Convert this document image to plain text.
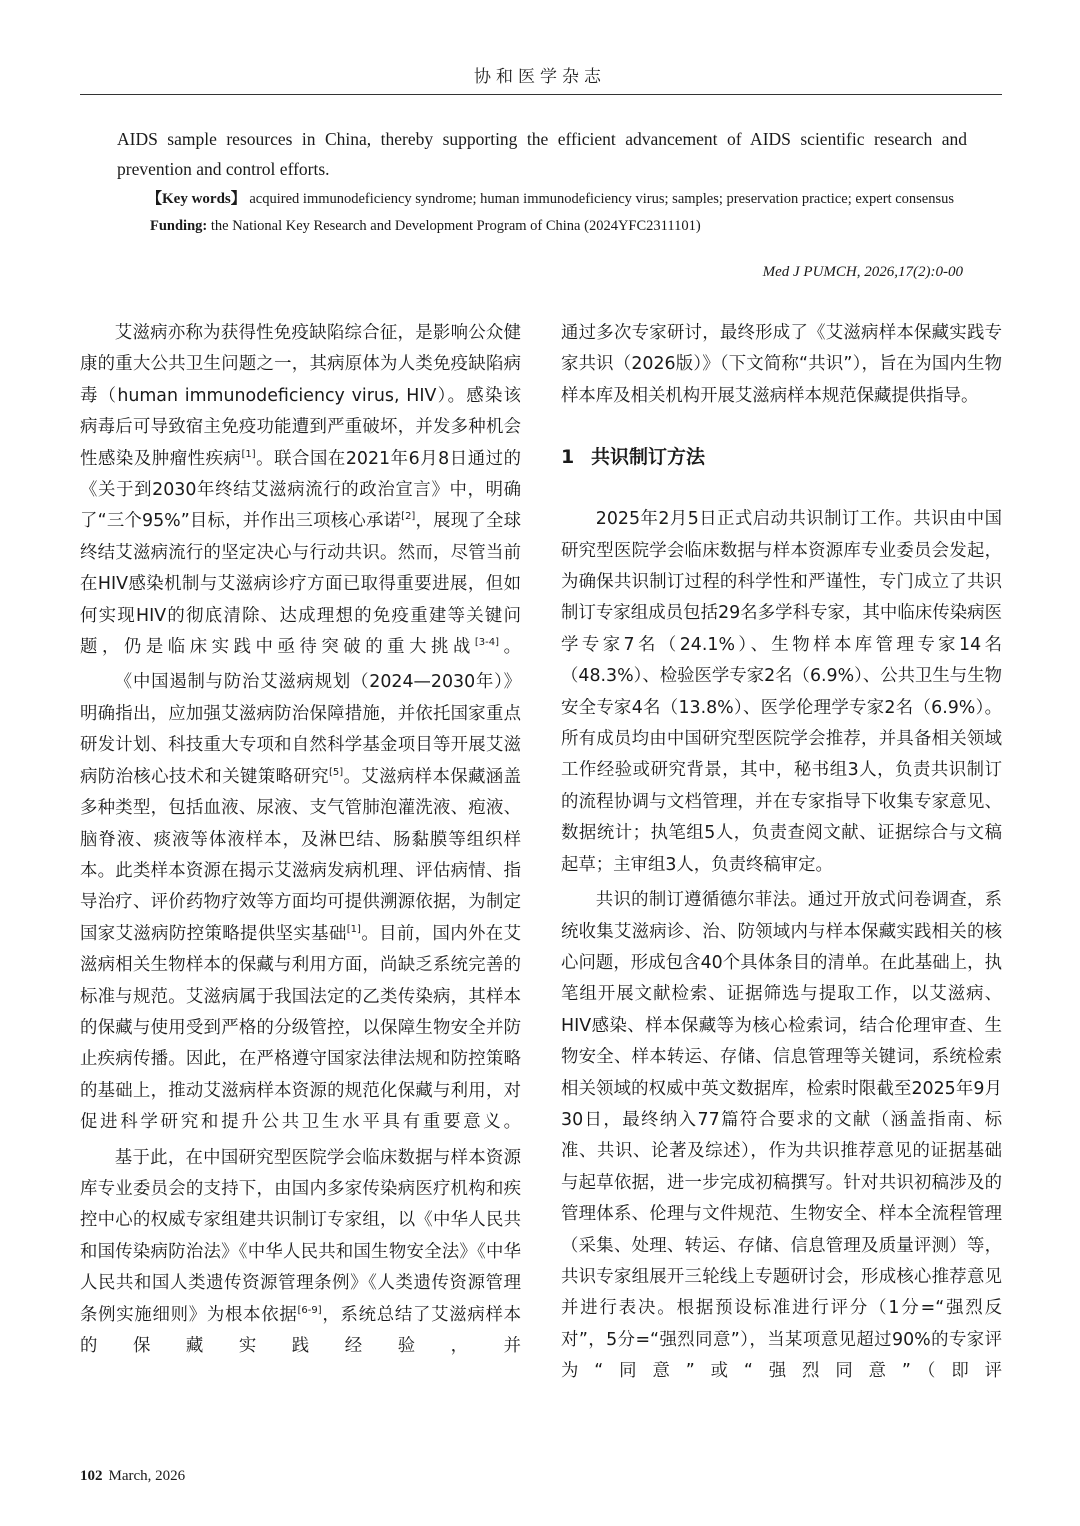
协和医学杂志

AIDS sample resources in China, thereby supporting the efficient advancement of AIDS scientific research and prevention and control efforts.

【Key words】 acquired immunodeficiency syndrome; human immunodeficiency virus; samples; preservation practice; expert consensus

Funding: the National Key Research and Development Program of China (2024YFC2311101)

Med J PUMCH, 2026,17(2):0-00

艾滋病亦称为获得性免疫缺陷综合征，是影响公众健康的重大公共卫生问题之一，其病原体为人类免疫缺陷病毒（human immunodeficiency virus, HIV）。感染该病毒后可导致宿主免疫功能遭到严重破坏，并发多种机会性感染及肿瘤性疾病[1]。联合国在2021年6月8日通过的《关于到2030年终结艾滋病流行的政治宣言》中，明确了“三个95%”目标，并作出三项核心承诺[2]，展现了全球终结艾滋病流行的坚定决心与行动共识。然而，尽管当前在HIV感染机制与艾滋病诊疗方面已取得重要进展，但如何实现HIV的彻底清除、达成理想的免疫重建等关键问题，仍是临床实践中亟待突破的重大挑战[3-4]。

《中国遏制与防治艾滋病规划（2024—2030年）》明确指出，应加强艾滋病防治保障措施，并依托国家重点研发计划、科技重大专项和自然科学基金项目等开展艾滋病防治核心技术和关键策略研究[5]。艾滋病样本保藏涵盖多种类型，包括血液、尿液、支气管肺泡灌洗液、疱液、脑脊液、痰液等体液样本，及淋巴结、肠黏膜等组织样本。此类样本资源在揭示艾滋病发病机理、评估病情、指导治疗、评价药物疗效等方面均可提供溯源依据，为制定国家艾滋病防控策略提供坚实基础[1]。目前，国内外在艾滋病相关生物样本的保藏与利用方面，尚缺乏系统完善的标准与规范。艾滋病属于我国法定的乙类传染病，其样本的保藏与使用受到严格的分级管控，以保障生物安全并防止疾病传播。因此，在严格遵守国家法律法规和防控策略的基础上，推动艾滋病样本资源的规范化保藏与利用，对促进科学研究和提升公共卫生水平具有重要意义。

基于此，在中国研究型医院学会临床数据与样本资源库专业委员会的支持下，由国内多家传染病医疗机构和疾控中心的权威专家组建共识制订专家组，以《中华人民共和国传染病防治法》《中华人民共和国生物安全法》《中华人民共和国人类遗传资源管理条例》《人类遗传资源管理条例实施细则》为根本依据[6-9]，系统总结了艾滋病样本的保藏实践经验，并

通过多次专家研讨，最终形成了《艾滋病样本保藏实践专家共识（2026版）》（下文简称“共识”），旨在为国内生物样本库及相关机构开展艾滋病样本规范保藏提供指导。

1 共识制订方法

2025年2月5日正式启动共识制订工作。共识由中国研究型医院学会临床数据与样本资源库专业委员会发起，为确保共识制订过程的科学性和严谨性，专门成立了共识制订专家组成员包括29名多学科专家，其中临床传染病医学专家7名（24.1%）、生物样本库管理专家14名（48.3%）、检验医学专家2名（6.9%）、公共卫生与生物安全专家4名（13.8%）、医学伦理学专家2名（6.9%）。所有成员均由中国研究型医院学会推荐，并具备相关领域工作经验或研究背景，其中，秘书组3人，负责共识制订的流程协调与文档管理，并在专家指导下收集专家意见、数据统计；执笔组5人，负责查阅文献、证据综合与文稿起草；主审组3人，负责终稿审定。

共识的制订遵循德尔菲法。通过开放式问卷调查，系统收集艾滋病诊、治、防领域内与样本保藏实践相关的核心问题，形成包含40个具体条目的清单。在此基础上，执笔组开展文献检索、证据筛选与提取工作，以艾滋病、HIV感染、样本保藏等为核心检索词，结合伦理审查、生物安全、样本转运、存储、信息管理等关键词，系统检索相关领域的权威中英文数据库，检索时限截至2025年9月30日，最终纳入77篇符合要求的文献（涵盖指南、标准、共识、论著及综述），作为共识推荐意见的证据基础与起草依据，进一步完成初稿撰写。针对共识初稿涉及的管理体系、伦理与文件规范、生物安全、样本全流程管理（采集、处理、转运、存储、信息管理及质量评测）等，共识专家组展开三轮线上专题研讨会，形成核心推荐意见并进行表决。根据预设标准进行评分（1分=“强烈反对”，5分=“强烈同意”），当某项意见超过90%的专家评为“同意”或“强烈同意”（即评

102 March, 2026
